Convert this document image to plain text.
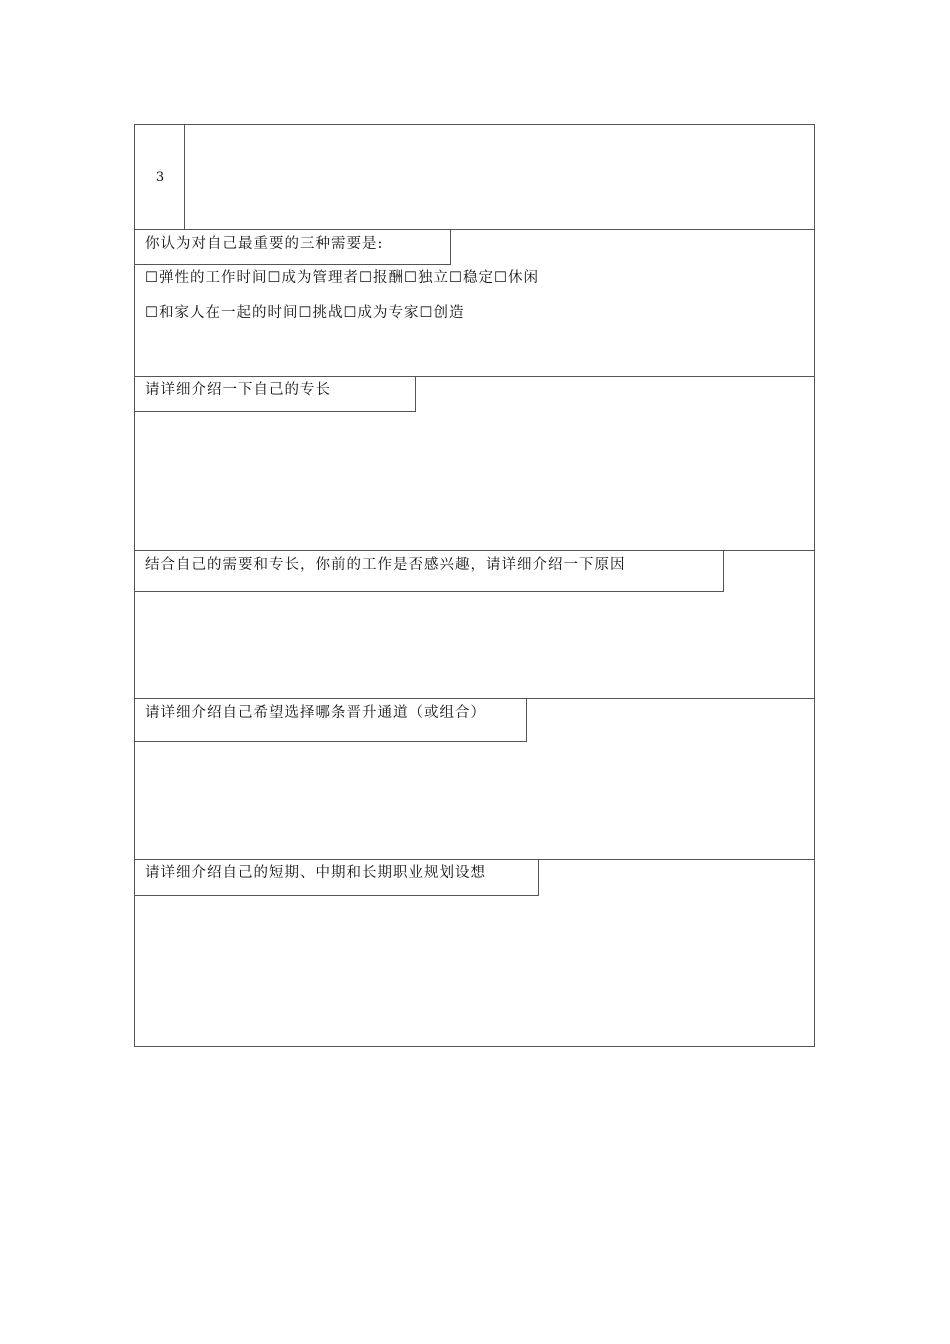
3
你认为对自己最重要的三种需要是:
☐弹性的工作时间☐成为管理者☐报酬☐独立☐稳定☐休闲
☐和家人在一起的时间☐挑战☐成为专家☐创造
请详细介绍一下自己的专长
结合自己的需要和专长，你前的工作是否感兴趣，请详细介绍一下原因
请详细介绍自己希望选择哪条晋升通道（或组合）
请详细介绍自己的短期、中期和长期职业规划设想
